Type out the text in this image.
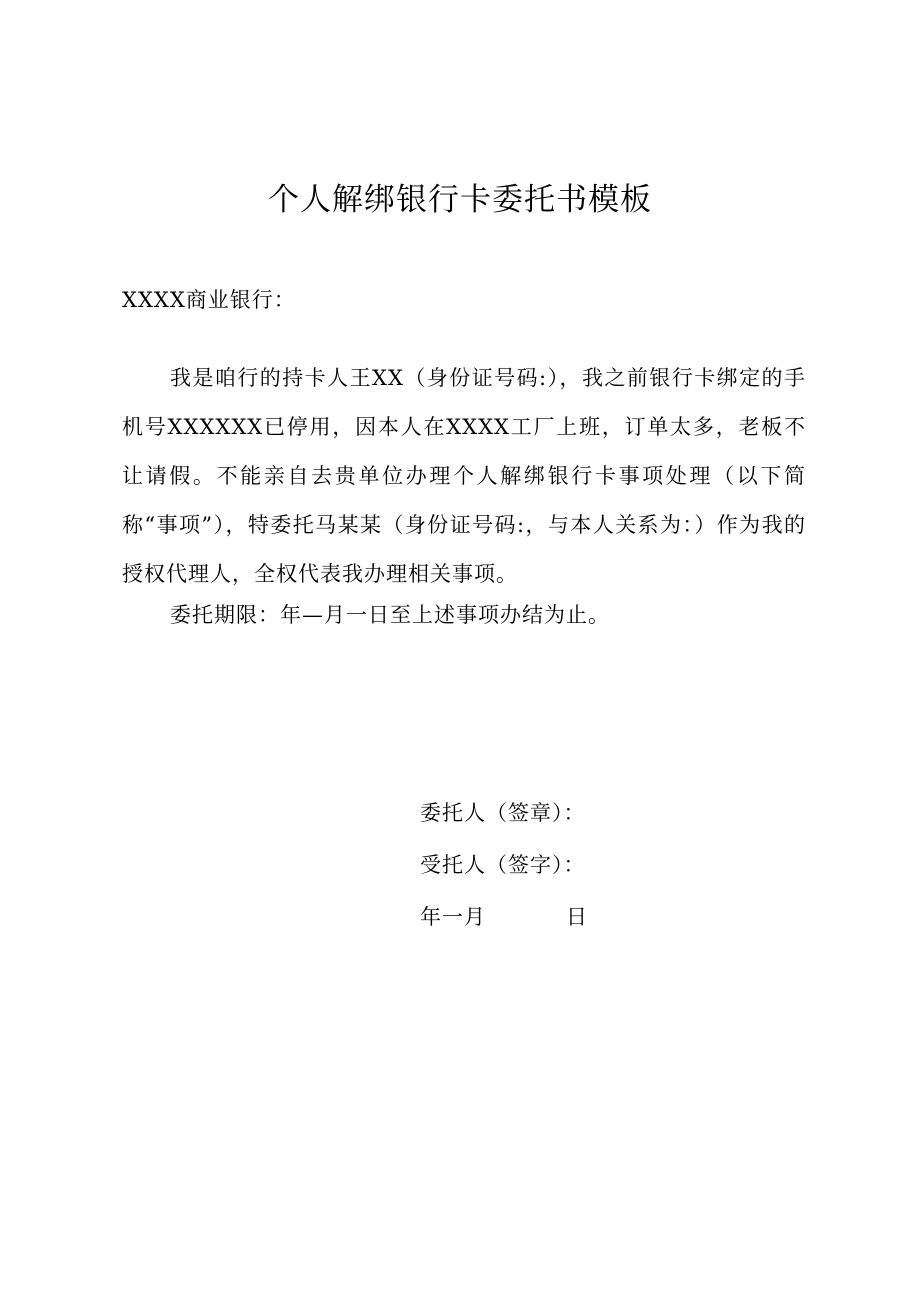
个人解绑银行卡委托书模板
XXXX商业银行：
我是咱行的持卡人王XX（身份证号码:），我之前银行卡绑定的手机号XXXXXX已停用，因本人在XXXX工厂上班，订单太多，老板不让请假。不能亲自去贵单位办理个人解绑银行卡事项处理（以下简称“事项”），特委托马某某（身份证号码:，与本人关系为：）作为我的授权代理人，全权代表我办理相关事项。
委托期限：年—月一日至上述事项办结为止。
委托人（签章）：
受托人（签字）：
年一月	日
